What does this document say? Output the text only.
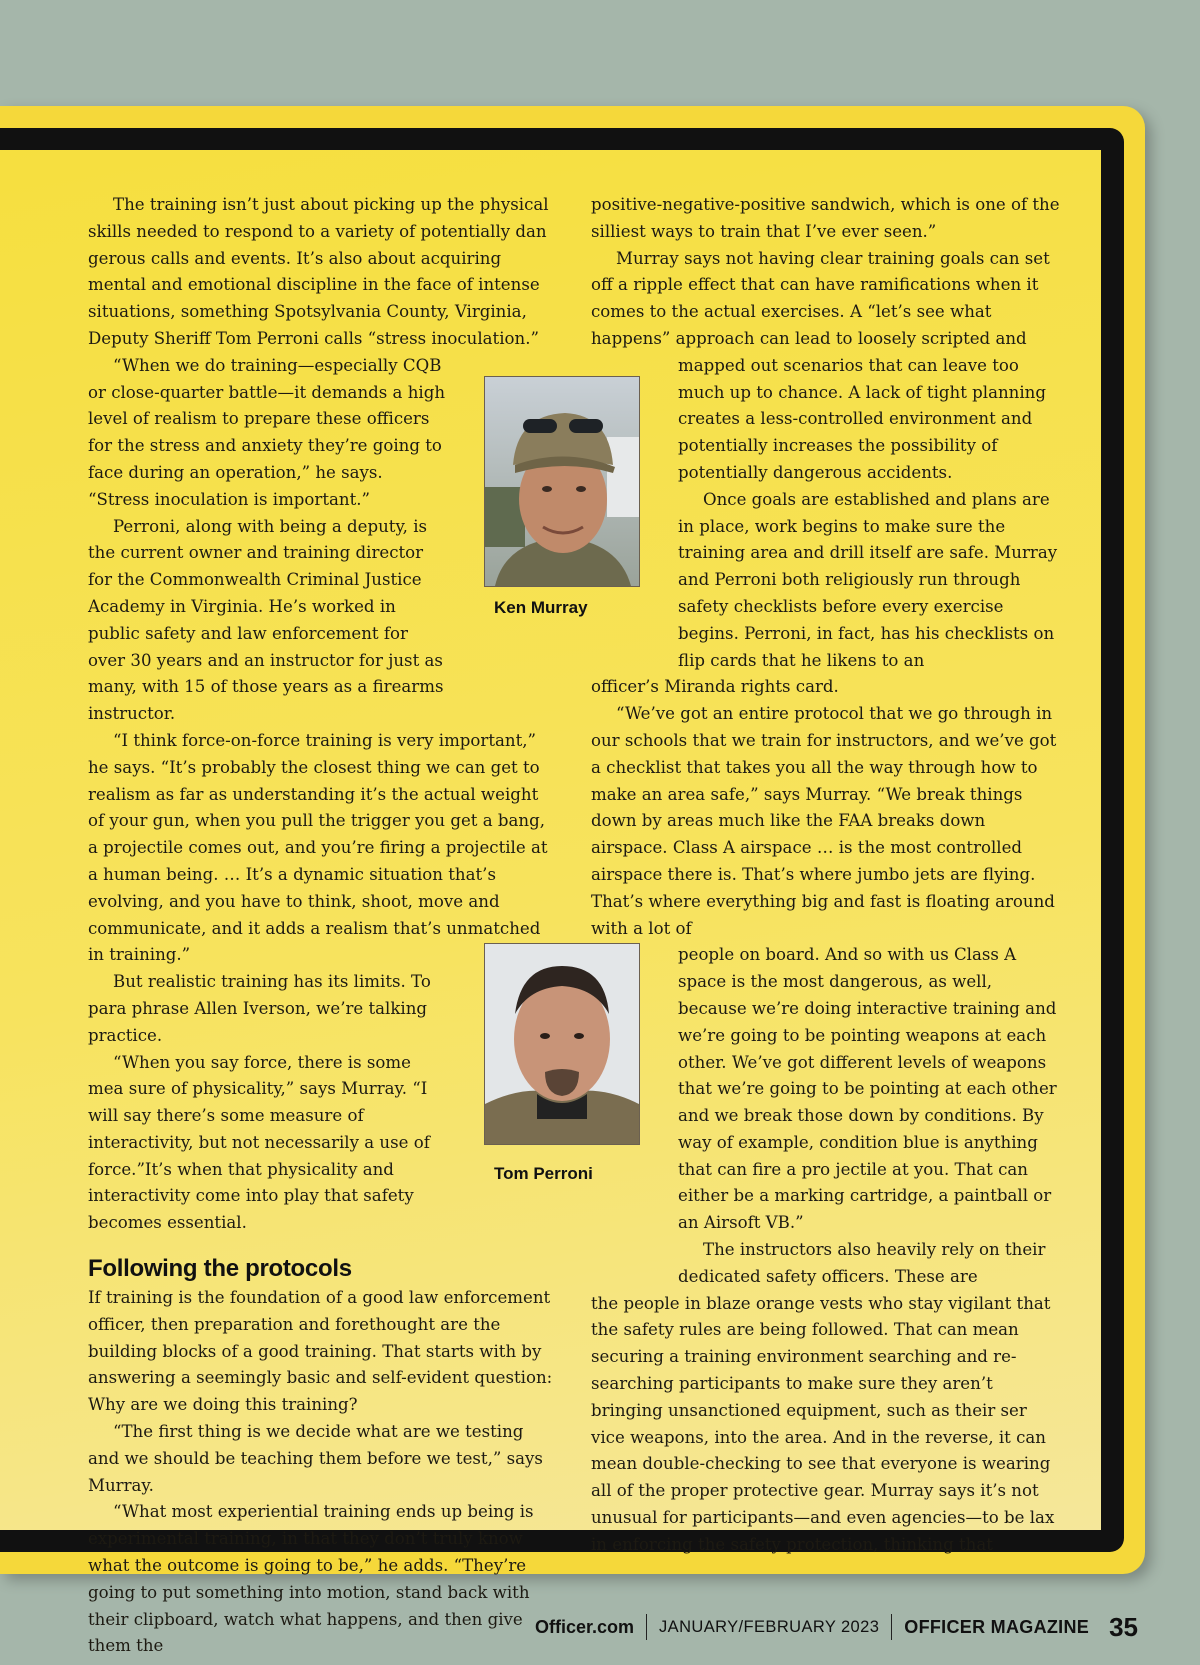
The training isn’t just about picking up the physical skills needed to respond to a variety of potentially dan gerous calls and events. It’s also about acquiring mental and emotional discipline in the face of intense situations, something Spotsylvania County, Virginia, Deputy Sheriff Tom Perroni calls “stress inoculation.”

“When we do training—especially CQB or close-quarter battle—it demands a high level of realism to prepare these officers for the stress and anxiety they’re going to face during an operation,” he says. “Stress inoculation is important.”

Perroni, along with being a deputy, is the current owner and training director for the Commonwealth Criminal Justice Academy in Virginia. He’s worked in public safety and law enforcement for over 30 years and an instructor for just as many, with 15 of those years as a firearms instructor.

“I think force-on-force training is very important,” he says. “It’s probably the closest thing we can get to realism as far as understanding it’s the actual weight of your gun, when you pull the trigger you get a bang, a projectile comes out, and you’re firing a projectile at a human being. … It’s a dynamic situation that’s evolving, and you have to think, shoot, move and communicate, and it adds a realism that’s unmatched in training.”

But realistic training has its limits. To para phrase Allen Iverson, we’re talking practice.

“When you say force, there is some mea sure of physicality,” says Murray. “I will say there’s some measure of interactivity, but not necessarily a use of force.”It’s when that physicality and interactivity come into play that safety becomes essential.

Following the protocols

If training is the foundation of a good law enforcement officer, then preparation and forethought are the building blocks of a good training. That starts with by answering a seemingly basic and self-evident question: Why are we doing this training?

“The first thing is we decide what are we testing and we should be teaching them before we test,” says Murray.

“What most experiential training ends up being is experimental training, in that they don’t truly know what the outcome is going to be,” he adds. “They’re going to put something into motion, stand back with their clipboard, watch what happens, and then give them the

positive-negative-positive sandwich, which is one of the silliest ways to train that I’ve ever seen.”

Murray says not having clear training goals can set off a ripple effect that can have ramifications when it comes to the actual exercises. A “let’s see what happens” approach can lead to loosely scripted and

mapped out scenarios that can leave too much up to chance. A lack of tight planning creates a less-controlled environment and potentially increases the possibility of potentially dangerous accidents.

Once goals are established and plans are in place, work begins to make sure the training area and drill itself are safe. Murray and Perroni both religiously run through safety checklists before every exercise begins. Perroni, in fact, has his checklists on flip cards that he likens to an

officer’s Miranda rights card.

“We’ve got an entire protocol that we go through in our schools that we train for instructors, and we’ve got a checklist that takes you all the way through how to make an area safe,” says Murray. “We break things down by areas much like the FAA breaks down airspace. Class A airspace … is the most controlled airspace there is. That’s where jumbo jets are flying. That’s where everything big and fast is floating around with a lot of

people on board. And so with us Class A space is the most dangerous, as well, because we’re doing interactive training and we’re going to be pointing weapons at each other. We’ve got different levels of weapons that we’re going to be pointing at each other and we break those down by conditions. By way of example, condition blue is anything that can fire a pro jectile at you. That can either be a marking cartridge, a paintball or an Airsoft VB.”

The instructors also heavily rely on their dedicated safety officers. These are

the people in blaze orange vests who stay vigilant that the safety rules are being followed. That can mean securing a training environment searching and re-searching participants to make sure they aren’t bringing unsanctioned equipment, such as their ser vice weapons, into the area. And in the reverse, it can mean double-checking to see that everyone is wearing all of the proper protective gear. Murray says it’s not unusual for participants—and even agencies—to be lax in enforcing the safety protection, thinking that

Ken Murray
Tom Perroni
Officer.com JANUARY/FEBRUARY 2023 OFFICER MAGAZINE 35
